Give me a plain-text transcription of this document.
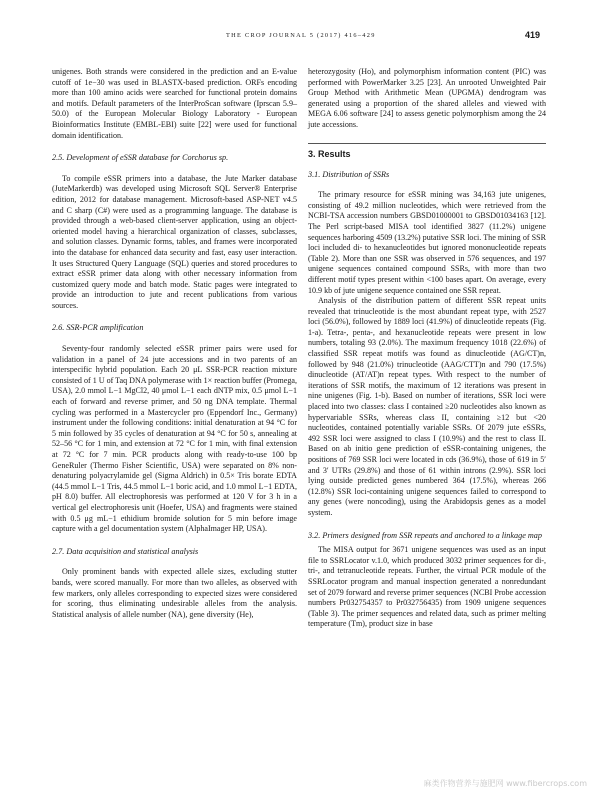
THE CROP JOURNAL 5 (2017) 416–429	419

unigenes. Both strands were considered in the prediction and an E-value cutoff of 1e−30 was used in BLASTX-based prediction. ORFs encoding more than 100 amino acids were searched for functional protein domains and motifs. Default parameters of the InterProScan software (Iprscan 5.9–50.0) of the European Molecular Biology Laboratory - European Bioinformatics Institute (EMBL-EBI) suite [22] were used for functional domain identification.

2.5. Development of eSSR database for Corchorus sp.

To compile eSSR primers into a database, the Jute Marker database (JuteMarkerdb) was developed using Microsoft SQL Server® Enterprise edition, 2012 for database management. Microsoft-based ASP-NET v4.5 and C sharp (C#) were used as a programming language. The database is provided through a web-based client-server application, using an object-oriented model having a hierarchical organization of classes, subclasses, and solution classes. Dynamic forms, tables, and frames were incorporated into the database for enhanced data security and fast, easy user interaction. It uses Structured Query Language (SQL) queries and stored procedures to extract eSSR primer data along with other necessary information from customized query mode and batch mode. Static pages were integrated to provide an introduction to jute and recent publications from various sources.

2.6. SSR-PCR amplification

Seventy-four randomly selected eSSR primer pairs were used for validation in a panel of 24 jute accessions and in two parents of an interspecific hybrid population. Each 20 μL SSR-PCR reaction mixture consisted of 1 U of Taq DNA polymerase with 1× reaction buffer (Promega, USA), 2.0 mmol L−1 MgCl2, 40 μmol L−1 each dNTP mix, 0.5 μmol L−1 each of forward and reverse primer, and 50 ng DNA template. Thermal cycling was performed in a Mastercycler pro (Eppendorf Inc., Germany) instrument under the following conditions: initial denaturation at 94 °C for 5 min followed by 35 cycles of denaturation at 94 °C for 50 s, annealing at 52–56 °C for 1 min, and extension at 72 °C for 1 min, with final extension at 72 °C for 7 min. PCR products along with ready-to-use 100 bp GeneRuler (Thermo Fisher Scientific, USA) were separated on 8% non-denaturing polyacrylamide gel (Sigma Aldrich) in 0.5× Tris borate EDTA (44.5 mmol L−1 Tris, 44.5 mmol L−1 boric acid, and 1.0 mmol L−1 EDTA, pH 8.0) buffer. All electrophoresis was performed at 120 V for 3 h in a vertical gel electrophoresis unit (Hoefer, USA) and fragments were stained with 0.5 μg mL−1 ethidium bromide solution for 5 min before image capture with a gel documentation system (AlphaImager HP, USA).

2.7. Data acquisition and statistical analysis

Only prominent bands with expected allele sizes, excluding stutter bands, were scored manually. For more than two alleles, as observed with few markers, only alleles corresponding to expected sizes were considered for scoring, thus eliminating undesirable alleles from the analysis. Statistical analysis of allele number (NA), gene diversity (He),

heterozygosity (Ho), and polymorphism information content (PIC) was performed with PowerMarker 3.25 [23]. An unrooted Unweighted Pair Group Method with Arithmetic Mean (UPGMA) dendrogram was generated using a proportion of the shared alleles and viewed with MEGA 6.06 software [24] to assess genetic polymorphism among the 24 jute accessions.

3. Results

3.1. Distribution of SSRs

The primary resource for eSSR mining was 34,163 jute unigenes, consisting of 49.2 million nucleotides, which were retrieved from the NCBI-TSA accession numbers GBSD01000001 to GBSD01034163 [12]. The Perl script-based MISA tool identified 3827 (11.2%) unigene sequences harboring 4509 (13.2%) putative SSR loci. The mining of SSR loci included di- to hexanucleotides but ignored mononucleotide repeats (Table 2). More than one SSR was observed in 576 sequences, and 197 unigene sequences contained compound SSRs, with more than two different motif types present within <100 bases apart. On average, every 10.9 kb of jute unigene sequence contained one SSR repeat.

Analysis of the distribution pattern of different SSR repeat units revealed that trinucleotide is the most abundant repeat type, with 2527 loci (56.0%), followed by 1889 loci (41.9%) of dinucleotide repeats (Fig. 1-a). Tetra-, penta-, and hexanucleotide repeats were present in low numbers, totaling 93 (2.0%). The maximum frequency 1018 (22.6%) of classified SSR repeat motifs was found as dinucleotide (AG/CT)n, followed by 948 (21.0%) trinucleotide (AAG/CTT)n and 790 (17.5%) dinucleotide (AT/AT)n repeat types. With respect to the number of iterations of SSR motifs, the maximum of 12 iterations was present in nine unigenes (Fig. 1-b). Based on number of iterations, SSR loci were placed into two classes: class I contained ≥20 nucleotides also known as hypervariable SSRs, whereas class II, containing ≥12 but <20 nucleotides, contained potentially variable SSRs. Of 2079 jute eSSRs, 492 SSR loci were assigned to class I (10.9%) and the rest to class II. Based on ab initio gene prediction of eSSR-containing unigenes, the positions of 769 SSR loci were located in cds (36.9%), those of 619 in 5′ and 3′ UTRs (29.8%) and those of 61 within introns (2.9%). SSR loci lying outside predicted genes numbered 364 (17.5%), whereas 266 (12.8%) SSR loci-containing unigene sequences failed to correspond to any genes (were noncoding), using the Arabidopsis genes as a model system.

3.2. Primers designed from SSR repeats and anchored to a linkage map

The MISA output for 3671 unigene sequences was used as an input file to SSRLocator v.1.0, which produced 3032 primer sequences for di-, tri-, and tetranucleotide repeats. Further, the virtual PCR module of the SSRLocator program and manual inspection generated a nonredundant set of 2079 forward and reverse primer sequences (NCBI Probe accession numbers Pr032754357 to Pr032756435) from 1909 unigene sequences (Table 3). The primer sequences and related data, such as primer melting temperature (Tm), product size in base

麻类作物营养与施肥网 www.fibercrops.com
